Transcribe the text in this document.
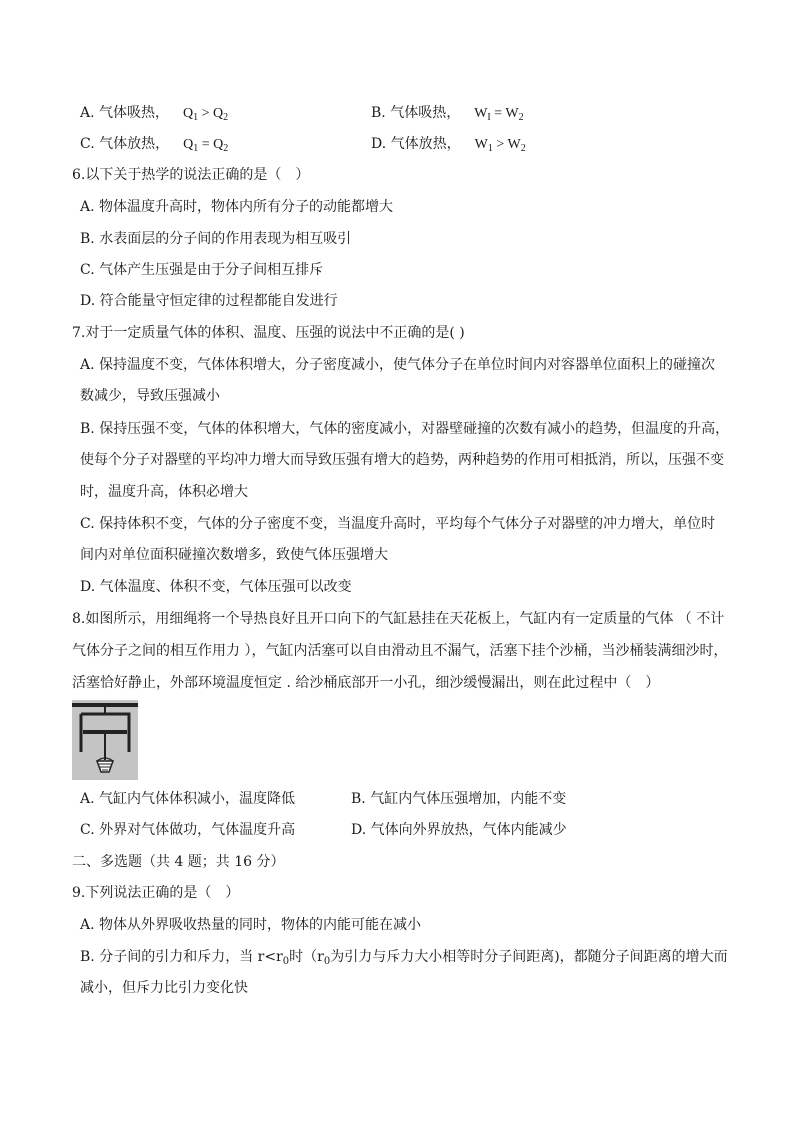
A. 气体吸热， $Q_1 > Q_2$	B. 气体吸热， $W_I = W_2$
C. 气体放热， $Q_1 = Q_2$	D. 气体放热， $W_1 > W_2$
6.以下关于热学的说法正确的是（　）
A. 物体温度升高时，物体内所有分子的动能都增大
B. 水表面层的分子间的作用表现为相互吸引
C. 气体产生压强是由于分子间相互排斥
D. 符合能量守恒定律的过程都能自发进行
7.对于一定质量气体的体积、温度、压强的说法中不正确的是( )
A. 保持温度不变，气体体积增大，分子密度减小，使气体分子在单位时间内对容器单位面积上的碰撞次
数减少，导致压强减小
B. 保持压强不变，气体的体积增大，气体的密度减小，对器壁碰撞的次数有减小的趋势，但温度的升高，
使每个分子对器壁的平均冲力增大而导致压强有增大的趋势，两种趋势的作用可相抵消，所以，压强不变
时，温度升高，体积必增大
C. 保持体积不变，气体的分子密度不变，当温度升高时，平均每个气体分子对器壁的冲力增大，单位时
间内对单位面积碰撞次数增多，致使气体压强增大
D. 气体温度、体积不变，气体压强可以改变
8.如图所示，用细绳将一个导热良好且开口向下的气缸悬挂在天花板上，气缸内有一定质量的气体 （ 不计
气体分子之间的相互作用力 ），气缸内活塞可以自由滑动且不漏气，活塞下挂个沙桶，当沙桶装满细沙时，
活塞恰好静止，外部环境温度恒定 . 给沙桶底部开一小孔，细沙缓慢漏出，则在此过程中（　）
A. 气缸内气体体积减小，温度降低	B. 气缸内气体压强增加，内能不变
C. 外界对气体做功，气体温度升高	D. 气体向外界放热，气体内能减少
二、多选题（共 4 题；共 16 分）
9.下列说法正确的是（　）
A. 物体从外界吸收热量的同时，物体的内能可能在减小
B. 分子间的引力和斥力，当 $r<r_0$时（$r_0$为引力与斥力大小相等时分子间距离)，都随分子间距离的增大而
减小，但斥力比引力变化快
